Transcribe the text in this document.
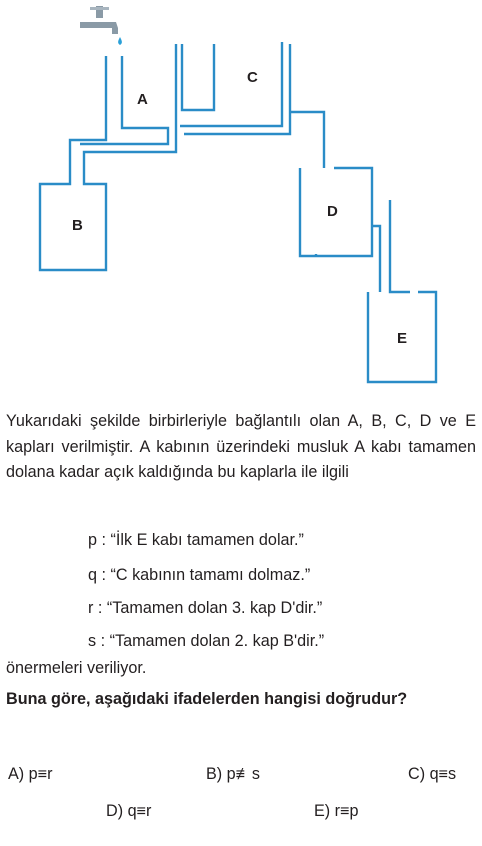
A
B
C
D
E
Yukarıdaki şekilde birbirleriyle bağlantılı olan A, B, C, D ve E kapları verilmiştir. A kabının üzerindeki musluk A kabı tamamen dolana kadar açık kaldığında bu kaplarla ile ilgili
p : “İlk E kabı tamamen dolar.”
q : “C kabının tamamı dolmaz.”
r : “Tamamen dolan 3. kap D'dir.”
s : “Tamamen dolan 2. kap B'dir.”
önermeleri veriliyor.
Buna göre, aşağıdaki ifadelerden hangisi doğrudur?
A) p≡r	B) p≢s	C) q≡s
D) q≡r	E) r≡p
